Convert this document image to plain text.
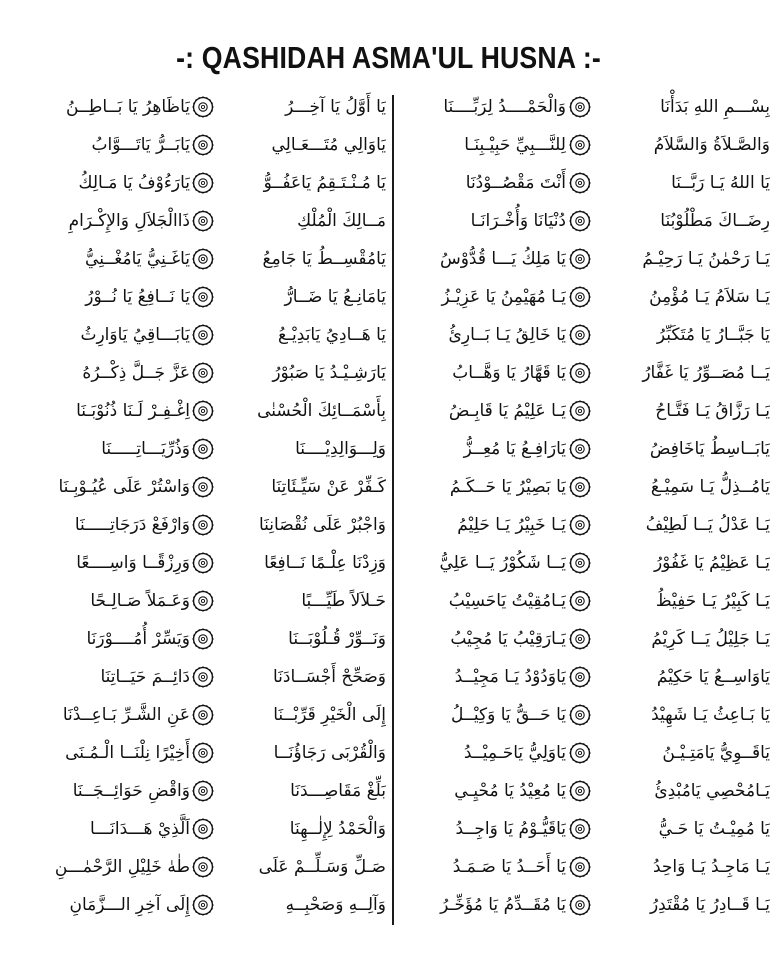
-: QASHIDAH ASMA'UL HUSNA :-
بِسْـــمِ اللهِ بَدَأْنَا
وَالْحَمْــــدُ لِرَبِّــــنَا
وَالصَّـلاَةُ وَالسَّلاَمُ
لِلنَّـــبِيِّ حَبِيْـبِنَـا
يَا اللهُ يَـا رَبَّــنَا
أَنْتَ مَقْصُــوْدُنَا
رِضَــاكَ مَطْلُوْبُنَا
دُنْيَانَا وَأُخْـرَانَـا
يَـا رَحْمٰنُ يَـا رَحِيْـمُ
يَا مَلِكُ يَـــا قُدُّوْسُ
يَـا سَلاَمُ يَـا مُؤْمِنُ
يَـا مُهَيْمِنُ يَا عَزِيْـزُ
يَا جَبَّــارُ يَا مُتَكَبِّرُ
يَا خَالِقُ يَـا بَــارِئُ
يَــا مُصَــوِّرُ يَا غَفَّارُ
يَا قَهَّارُ يَا وَهَّــابُ
يَـا رَزَّاقُ يَـا فَتَّـاحُ
يَـا عَلِيْمُ يَا قَابِـضُ
يَابَــاسِطُ يَاخَافِضُ
يَارَافِـعُ يَا مُعِــزُّ
يَامُــذِلُّ يَـا سَمِيْـعُ
يَا بَصِيْرُ يَا حَــكَـمُ
يَـا عَدْلُ يَــا لَطِيْفُ
يَـا خَبِيْرُ يَـا حَلِيْمُ
يَـا عَظِيْمُ يَا غَفُوْرُ
يَــا شَكُوْرُ يَــا عَلِيُّ
يَـا كَبِيْرُ يَـا حَفِيْظُ
يَـامُقِيْتُ يَاحَسِيْبُ
يَـا جَلِيْلُ يَــا كَرِيْمُ
يَـارَقِيْبُ يَا مُجِيْبُ
يَاوَاسِــعُ يَا حَكِيْمُ
يَاوَدُوْدُ يَـا مَجِيْــدُ
يَا بَـاعِثُ يَـا شَهِيْدُ
يَا حَــقُّ يَا وَكِيْــلُ
يَاقَــوِيُّ يَامَتِـيْـنُ
يَاوَلِيُّ يَاحَـمِيْــدُ
يَـامُحْصِي يَامُبْدِئُ
يَا مُعِيْدُ يَا مُحْيِـي
يَا مُمِيْـتُ يَا حَـيُّ
يَاقَيُّـوْمُ يَا وَاجِــدُ
يَـا مَاجِـدُ يَـا وَاحِدُ
يَا أَحَــدُ يَا صَـمَـدُ
يَـا قَــادِرُ يَا مُقْتَدِرُ
يَا مُقَــدِّمُ يَا مُؤَخِّـرُ
يَا أَوَّلُ يَا آخِـــرُ
يَاظَاهِرُ يَا بَــاطِــنُ
يَاوَالِي مُتَـــعَـالِي
يَابَــرُّ يَاتَـــوَّابُ
يَا مُـنْـتَـقِمُ يَاعَفُــوُّ
يَارَءُوْفُ يَا مَـالِكُ
مَــالِكَ الْمُلْكِ
ذَاالْجَلاَلِ وَالإِكْـرَامِ
يَامُقْسِــطُ يَا جَامِعُ
يَاغَـنِيُّ يَامُغْــنِيُّ
يَامَانِـعُ يَا ضَــارُّ
يَا نَــافِعُ يَا نُــوْرُ
يَا هَــادِيُ يَابَدِيْـعُ
يَابَـــاقِيُ يَاوَارِثُ
يَارَشِـيْـدُ يَا صَبُوْرُ
عَزَّ جَــلَّ ذِكْــرُهُ
بِأَسْمَــائِكَ الْحُسْنٰى
اِغْـفِـرْ لَـنَا ذُنُوْبَـنَا
وَلِـــوَالِدِيْــــنَا
وَذُرِّيَـــاتِـــــنَا
كَـفِّرْ عَنْ سَيِّـئَاتِنَا
وَاسْتُرْ عَلَى عُيُـوْبِـنَا
وَاجْبُرْ عَلَى نُقْصَانِنَا
وَارْفَعْ دَرَجَاتِـــــنَا
وَزِدْنَا عِلْـمًا نَــافِعًا
وَرِزْقًــا وَاسِــــعًا
حَـلاَلاً طَيِّـــبًا
وَعَـمَلاً صَـالِـحًا
وَنَــوِّرْ قُـلُوْبَــنَا
وَيَسِّرْ أُمُــــوْرَنَا
وَصَحِّحْ أَجْسَــادَنَا
دَائِــمَ حَيَــاتِنَا
إِلَى الْخَيْرِ قَرِّبْــنَا
عَنِ الشَّـرِّ بَـاعِــدْنَا
وَالْقُرْبَى رَجَاؤُنَــا
أَخِيْرًا نِلْنَــا الْـمُـنَى
بَلِّغْ مَقَاصِـــدَنَا
وَاقْضِ حَوَائِــجَــنَا
وَالْحَمْدُ لِإِلٰــهِنَا
اَلَّذِيْ هَـــدَانَـــا
صَـلِّ وَسَـلِّــمْ عَلَى
طٰهٰ خَلِيْلِ الرَّحْمٰـــنِ
وَآلِــهِ وَصَحْبِــهِ
إِلَى آخِرِ الـــزَّمَانِ
